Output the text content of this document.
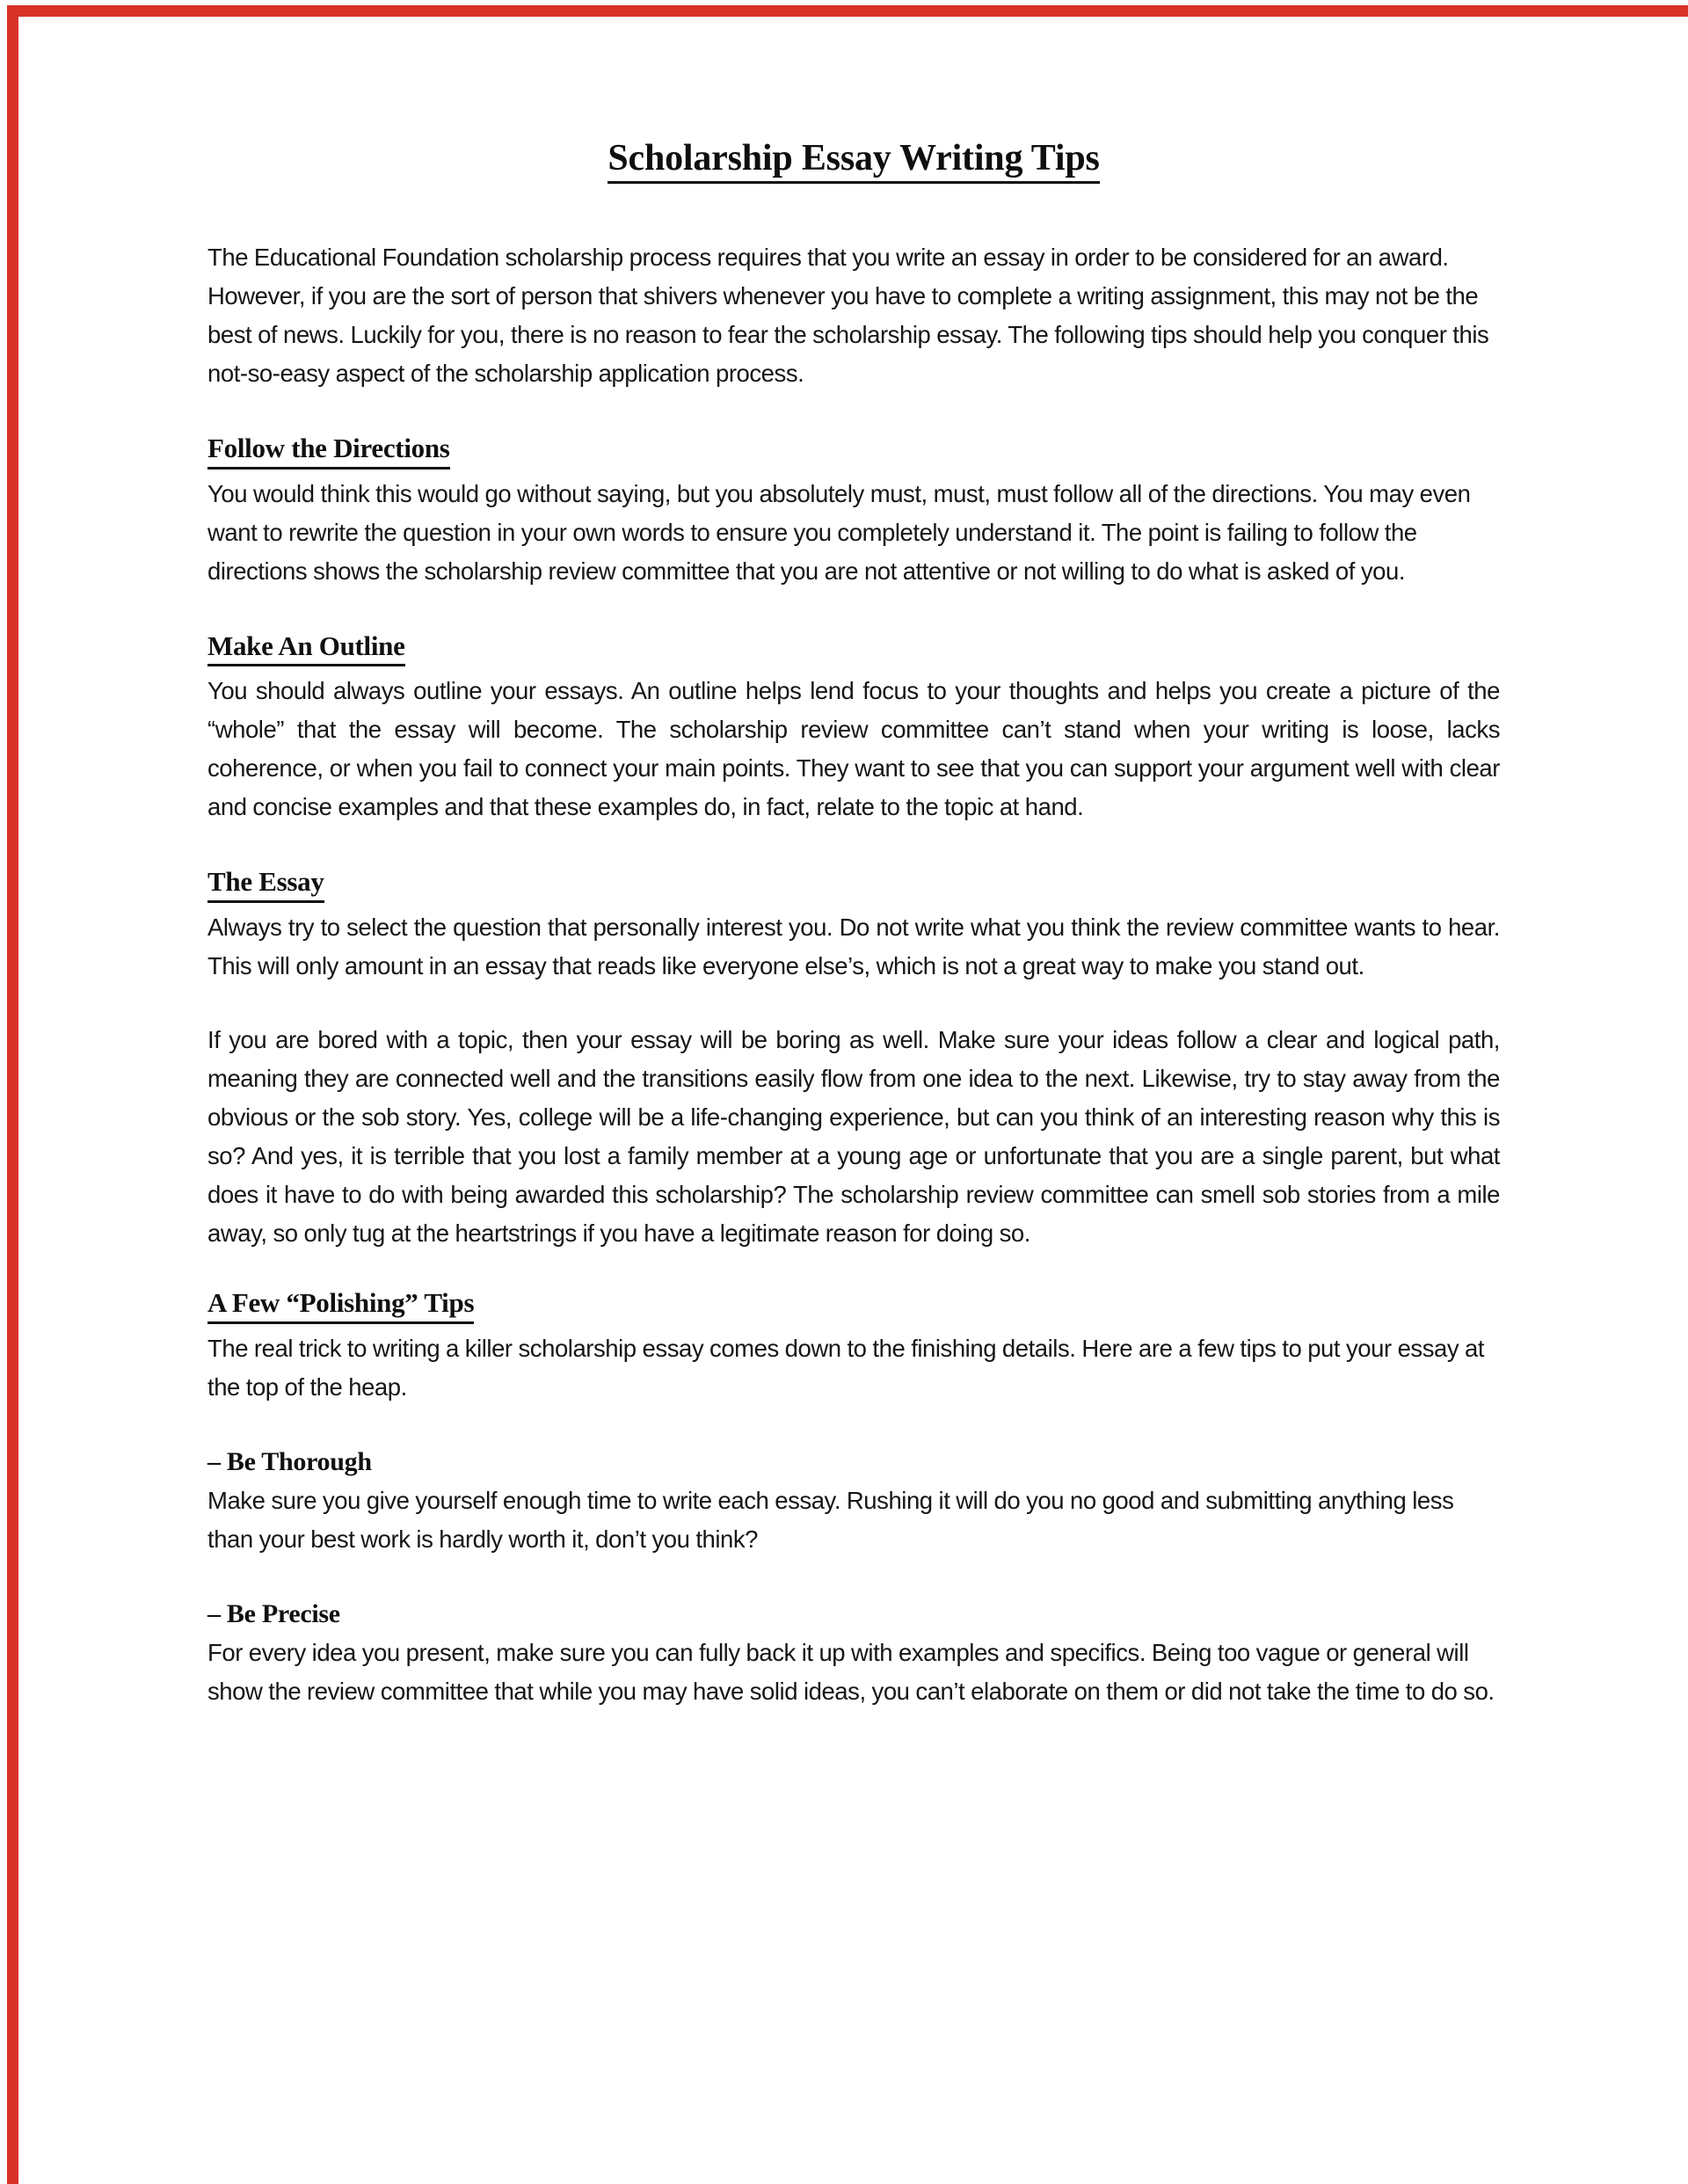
Scholarship Essay Writing Tips

The Educational Foundation scholarship process requires that you write an essay in order to be considered for an award. However, if you are the sort of person that shivers whenever you have to complete a writing assignment, this may not be the best of news. Luckily for you, there is no reason to fear the scholarship essay. The following tips should help you conquer this not-so-easy aspect of the scholarship application process.

Follow the Directions

You would think this would go without saying, but you absolutely must, must, must follow all of the directions. You may even want to rewrite the question in your own words to ensure you completely understand it. The point is failing to follow the directions shows the scholarship review committee that you are not attentive or not willing to do what is asked of you.

Make An Outline

You should always outline your essays. An outline helps lend focus to your thoughts and helps you create a picture of the “whole” that the essay will become. The scholarship review committee can’t stand when your writing is loose, lacks coherence, or when you fail to connect your main points. They want to see that you can support your argument well with clear and concise examples and that these examples do, in fact, relate to the topic at hand.

The Essay

Always try to select the question that personally interest you. Do not write what you think the review committee wants to hear. This will only amount in an essay that reads like everyone else’s, which is not a great way to make you stand out.

If you are bored with a topic, then your essay will be boring as well. Make sure your ideas follow a clear and logical path, meaning they are connected well and the transitions easily flow from one idea to the next. Likewise, try to stay away from the obvious or the sob story. Yes, college will be a life-changing experience, but can you think of an interesting reason why this is so? And yes, it is terrible that you lost a family member at a young age or unfortunate that you are a single parent, but what does it have to do with being awarded this scholarship? The scholarship review committee can smell sob stories from a mile away, so only tug at the heartstrings if you have a legitimate reason for doing so.

A Few “Polishing” Tips

The real trick to writing a killer scholarship essay comes down to the finishing details. Here are a few tips to put your essay at the top of the heap.

– Be Thorough

Make sure you give yourself enough time to write each essay. Rushing it will do you no good and submitting anything less than your best work is hardly worth it, don’t you think?

– Be Precise

For every idea you present, make sure you can fully back it up with examples and specifics. Being too vague or general will show the review committee that while you may have solid ideas, you can’t elaborate on them or did not take the time to do so.
